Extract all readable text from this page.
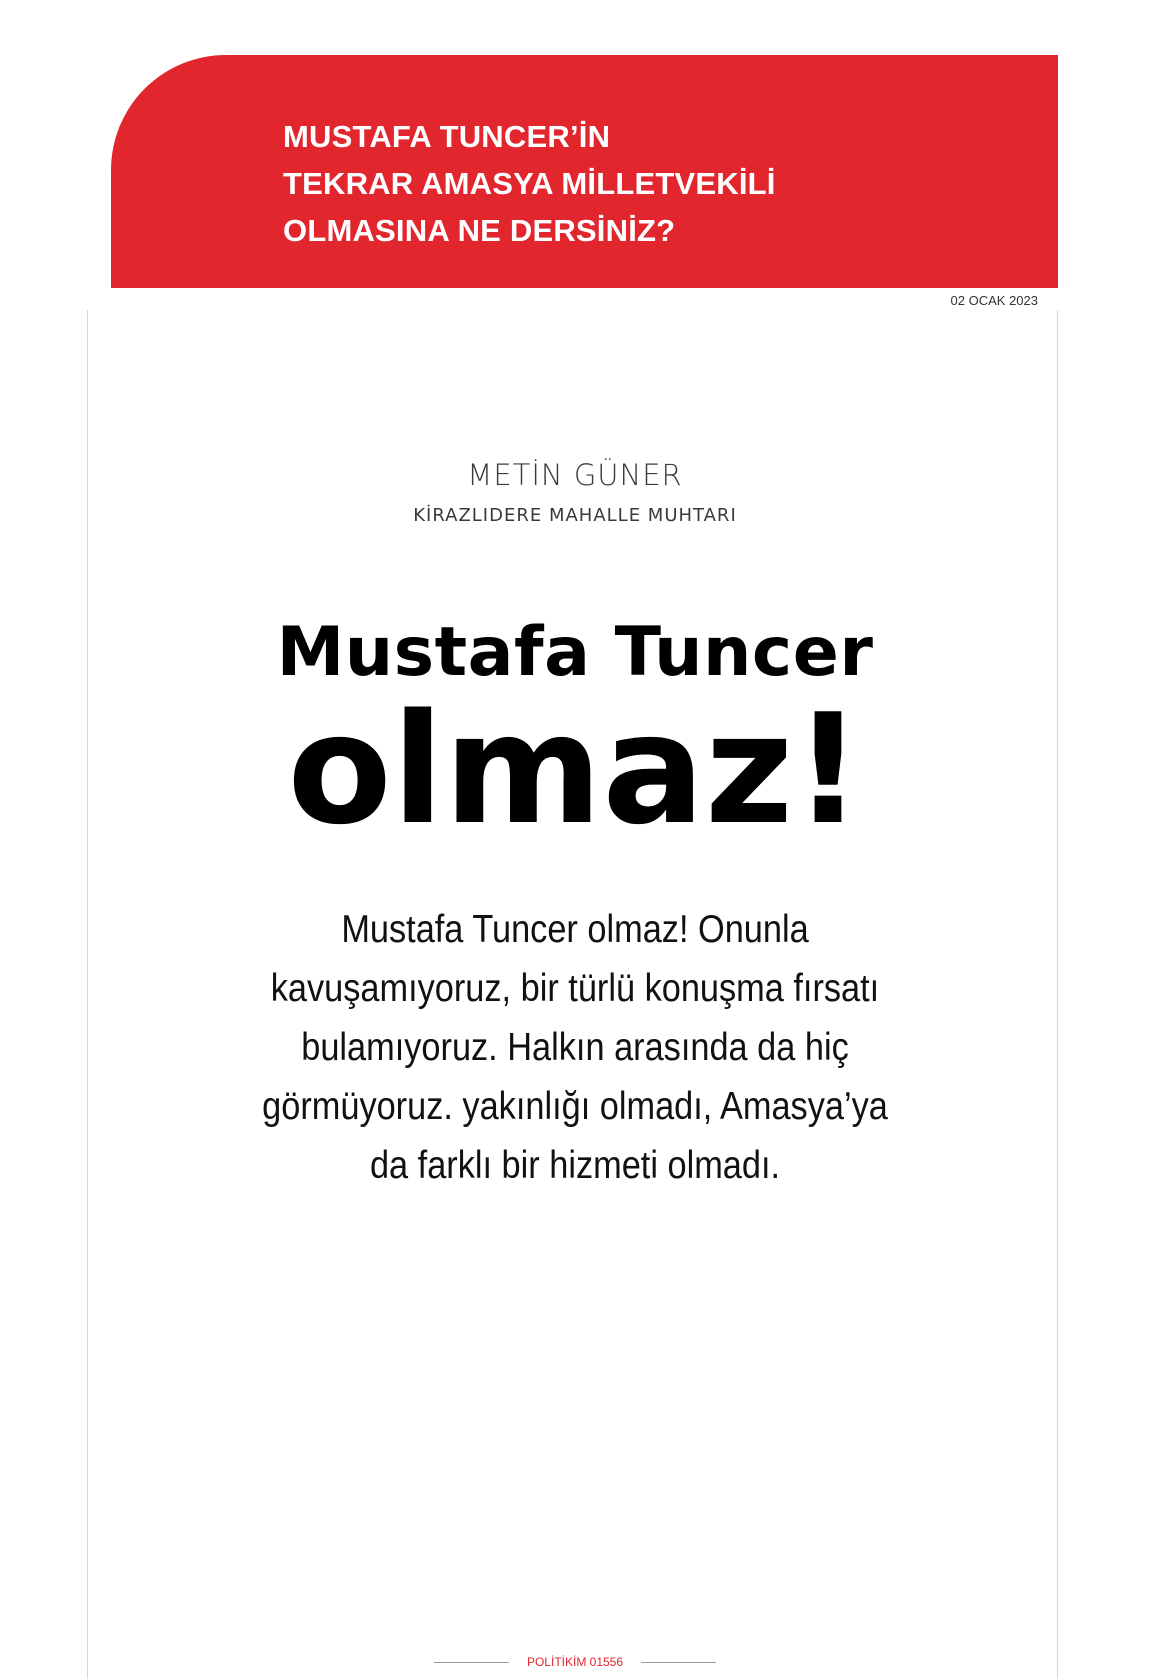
MUSTAFA TUNCER’İN
TEKRAR AMASYA MİLLETVEKİLİ
OLMASINA NE DERSİNİZ?
02 OCAK 2023
METİN GÜNER
KİRAZLIDERE MAHALLE MUHTARI
Mustafa Tuncer
olmaz!

Mustafa Tuncer olmaz! Onunla
kavuşamıyoruz, bir türlü konuşma fırsatı
bulamıyoruz. Halkın arasında da hiç
görmüyoruz. yakınlığı olmadı, Amasya’ya
da farklı bir hizmeti olmadı.

POLİTİKİM 01556
